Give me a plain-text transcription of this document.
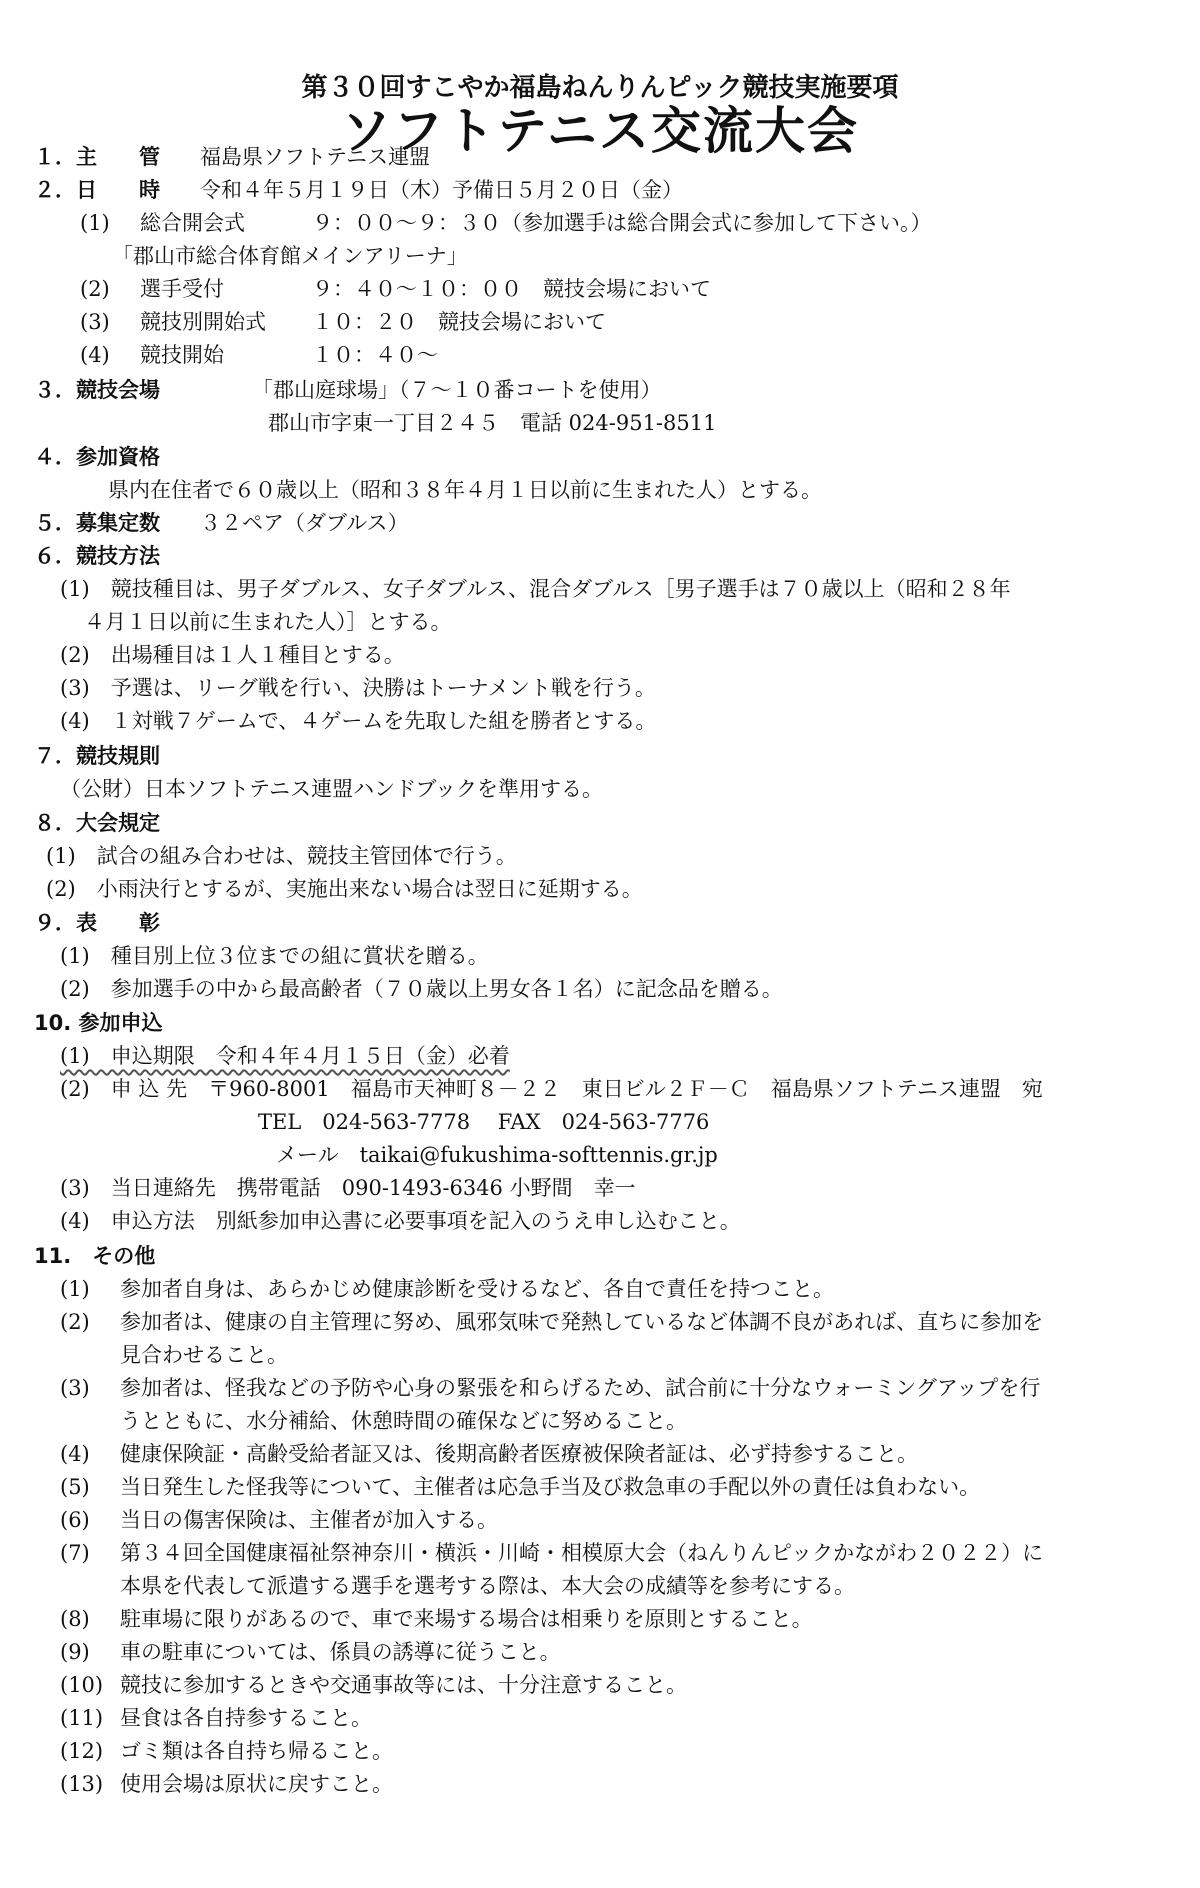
第３０回すこやか福島ねんりんピック競技実施要項
ソフトテニス交流大会
１．主　　管 福島県ソフトテニス連盟
２．日　　時 令和４年５月１９日（木）予備日５月２０日（金）
(1) 総合開会式	９：００～９：３０（参加選手は総合開会式に参加して下さい。）
「郡山市総合体育館メインアリーナ」
(2) 選手受付	９：４０～１０：００　競技会場において
(3) 競技別開始式 １０：２０　競技会場において
(4) 競技開始	１０：４０～
３．競技会場	「郡山庭球場」（７～１０番コートを使用）
郡山市字東一丁目２４５　電話 024-951-8511
４．参加資格
県内在住者で６０歳以上（昭和３８年４月１日以前に生まれた人）とする。
５．募集定数 ３２ペア（ダブルス）
６．競技方法
(1)　競技種目は、男子ダブルス、女子ダブルス、混合ダブルス［男子選手は７０歳以上（昭和２８年
４月１日以前に生まれた人）］とする。
(2)　出場種目は１人１種目とする。
(3)　予選は、リーグ戦を行い、決勝はトーナメント戦を行う。
(4)　１対戦７ゲームで、４ゲームを先取した組を勝者とする。
７．競技規則
（公財）日本ソフトテニス連盟ハンドブックを準用する。
８．大会規定
(1)　試合の組み合わせは、競技主管団体で行う。
(2)　小雨決行とするが、実施出来ない場合は翌日に延期する。
９．表　　彰
(1)　種目別上位３位までの組に賞状を贈る。
(2)　参加選手の中から最高齢者（７０歳以上男女各１名）に記念品を贈る。
10. 参加申込
(1)　申込期限　令和４年４月１５日（金）必着
(2)　申 込 先　〒960-8001　福島市天神町８－２２　東日ビル２Ｆ－Ｃ　福島県ソフトテニス連盟　宛
TEL　024-563-7778　 FAX　024-563-7776
メール　taikai@fukushima-softtennis.gr.jp
(3)　当日連絡先　携帯電話　090-1493-6346 小野間　幸一
(4)　申込方法　別紙参加申込書に必要事項を記入のうえ申し込むこと。
11.　その他
(1) 参加者自身は、あらかじめ健康診断を受けるなど、各自で責任を持つこと。
(2) 参加者は、健康の自主管理に努め、風邪気味で発熱しているなど体調不良があれば、直ちに参加を
見合わせること。
(3) 参加者は、怪我などの予防や心身の緊張を和らげるため、試合前に十分なウォーミングアップを行
うとともに、水分補給、休憩時間の確保などに努めること。
(4) 健康保険証・高齢受給者証又は、後期高齢者医療被保険者証は、必ず持参すること。
(5) 当日発生した怪我等について、主催者は応急手当及び救急車の手配以外の責任は負わない。
(6) 当日の傷害保険は、主催者が加入する。
(7) 第３４回全国健康福祉祭神奈川・横浜・川崎・相模原大会（ねんりんピックかながわ２０２２）に
本県を代表して派遣する選手を選考する際は、本大会の成績等を参考にする。
(8) 駐車場に限りがあるので、車で来場する場合は相乗りを原則とすること。
(9) 車の駐車については、係員の誘導に従うこと。
(10) 競技に参加するときや交通事故等には、十分注意すること。
(11) 昼食は各自持参すること。
(12) ゴミ類は各自持ち帰ること。
(13) 使用会場は原状に戻すこと。
